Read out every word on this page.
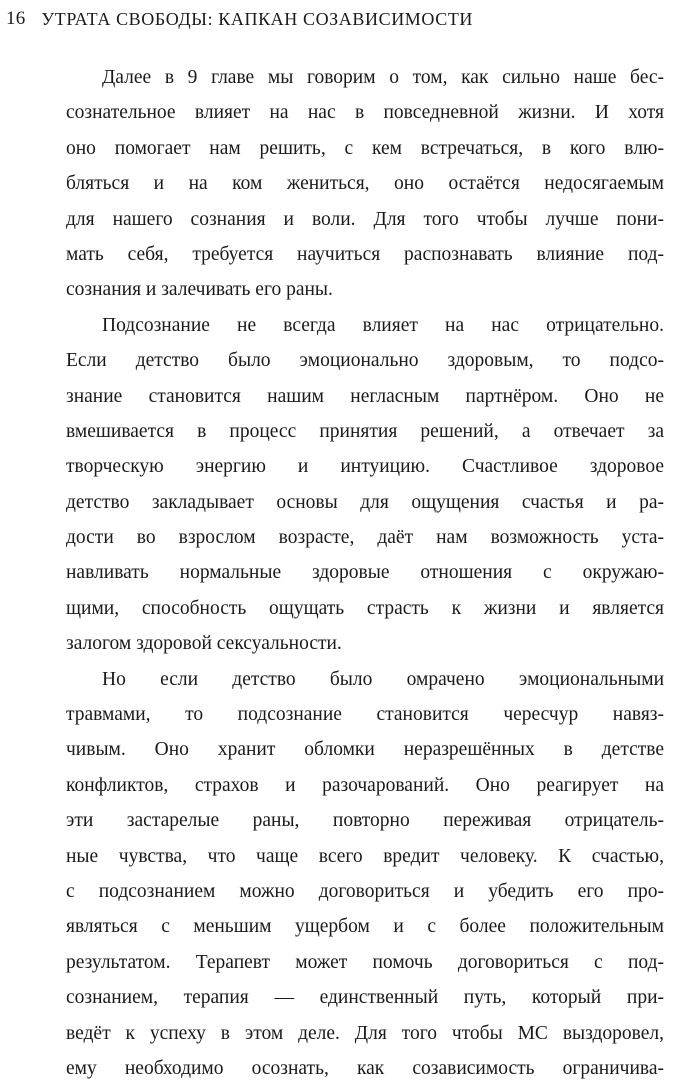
16 УТРАТА СВОБОДЫ: КАПКАН СОЗАВИСИМОСТИ
Далее в 9 главе мы говорим о том, как сильно наше бес-
сознательное влияет на нас в повседневной жизни. И хотя
оно помогает нам решить, с кем встречаться, в кого влю-
бляться и на ком жениться, оно остаётся недосягаемым
для нашего сознания и воли. Для того чтобы лучше пони-
мать себя, требуется научиться распознавать влияние под-
сознания и залечивать его раны.
Подсознание не всегда влияет на нас отрицательно.
Если детство было эмоционально здоровым, то подсо-
знание становится нашим негласным партнёром. Оно не
вмешивается в процесс принятия решений, а отвечает за
творческую энергию и интуицию. Счастливое здоровое
детство закладывает основы для ощущения счастья и ра-
дости во взрослом возрасте, даёт нам возможность уста-
навливать нормальные здоровые отношения с окружаю-
щими, способность ощущать страсть к жизни и является
залогом здоровой сексуальности.
Но если детство было омрачено эмоциональными
травмами, то подсознание становится чересчур навяз-
чивым. Оно хранит обломки неразрешённых в детстве
конфликтов, страхов и разочарований. Оно реагирует на
эти застарелые раны, повторно переживая отрицатель-
ные чувства, что чаще всего вредит человеку. К счастью,
с подсознанием можно договориться и убедить его про-
являться с меньшим ущербом и с более положительным
результатом. Терапевт может помочь договориться с под-
сознанием, терапия — единственный путь, который при-
ведёт к успеху в этом деле. Для того чтобы МС выздоровел,
ему необходимо осознать, как созависимость ограничива-
